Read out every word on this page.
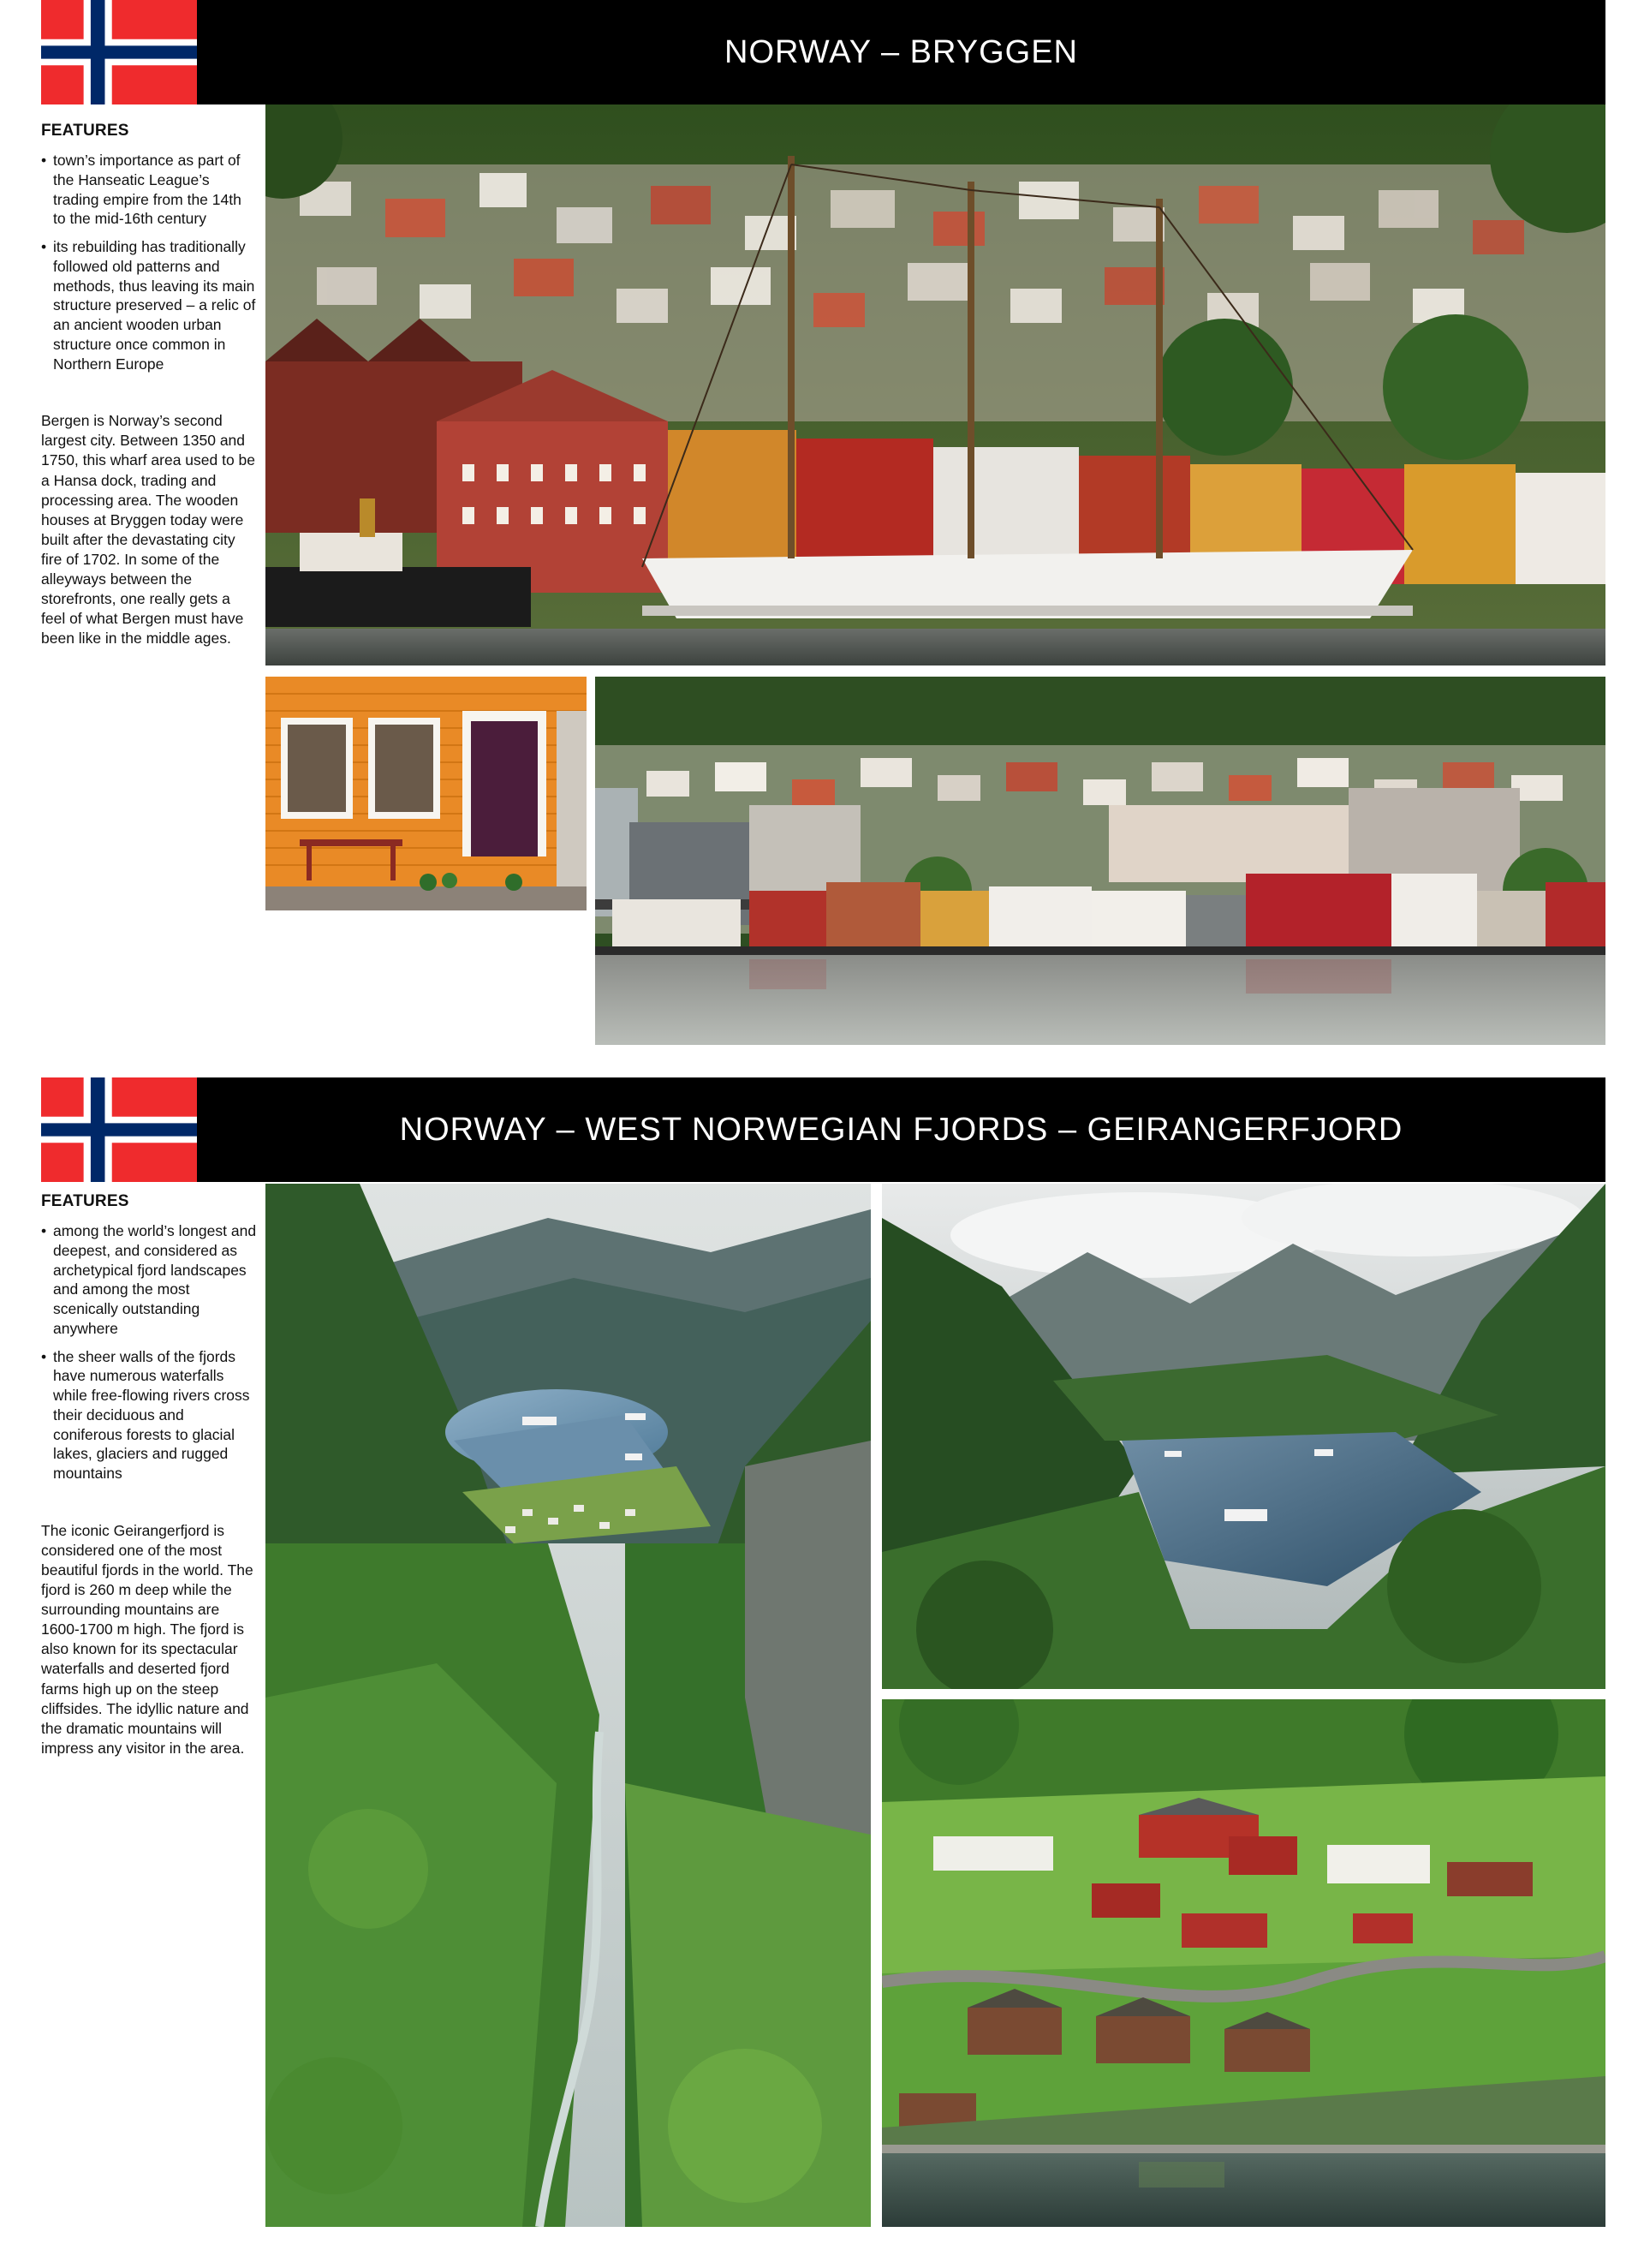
NORWAY – BRYGGEN
FEATURES
• town’s importance as part of the Hanseatic League’s trading empire from the 14th to the mid-16th century
• its rebuilding has traditionally followed old patterns and methods, thus leaving its main structure preserved – a relic of an ancient wooden urban structure once common in Northern Europe

Bergen is Norway’s second largest city. Between 1350 and 1750, this wharf area used to be a Hansa dock, trading and processing area. The wooden houses at Bryggen today were built after the devastating city fire of 1702. In some of the alleyways between the storefronts, one really gets a feel of what Bergen must have been like in the middle ages.

NORWAY – WEST NORWEGIAN FJORDS – GEIRANGERFJORD
FEATURES
• among the world’s longest and deepest, and considered as archetypical fjord landscapes and among the most scenically outstanding anywhere
• the sheer walls of the fjords have numerous waterfalls while free-flowing rivers cross their deciduous and coniferous forests to glacial lakes, glaciers and rugged mountains

The iconic Geirangerfjord is considered one of the most beautiful fjords in the world. The fjord is 260 m deep while the surrounding mountains are 1600-1700 m high. The fjord is also known for its spectacular waterfalls and deserted fjord farms high up on the steep cliffsides. The idyllic nature and the dramatic mountains will impress any visitor in the area.
